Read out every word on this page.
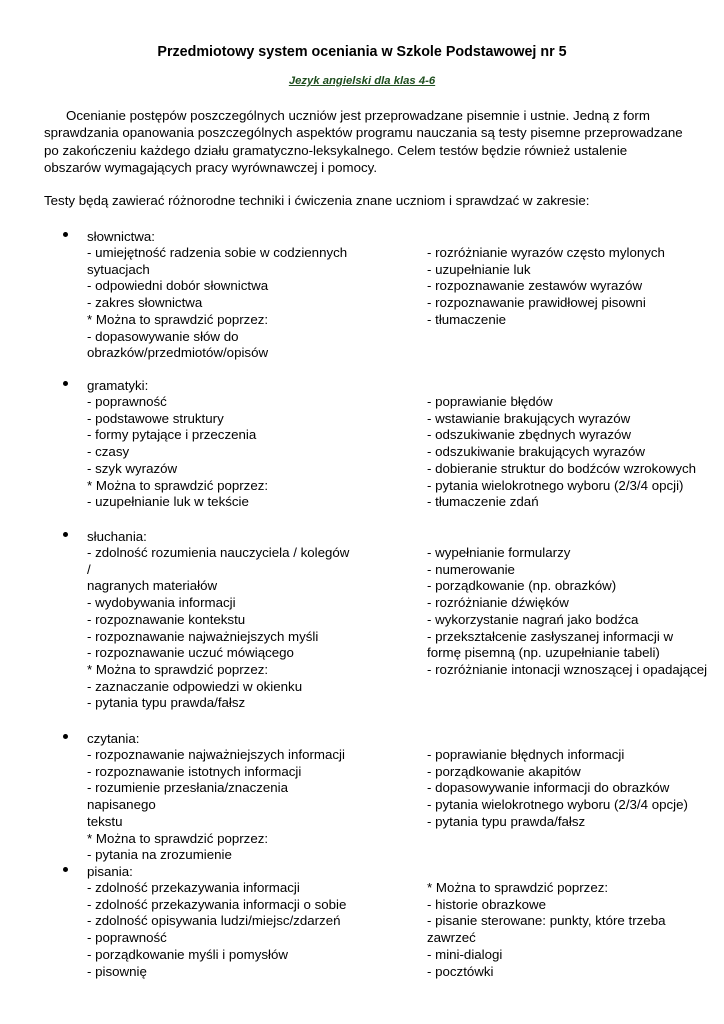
Przedmiotowy system oceniania w Szkole Podstawowej nr 5
Jezyk angielski dla klas 4-6

Ocenianie postępów poszczególnych uczniów jest przeprowadzane pisemnie i ustnie. Jedną z form sprawdzania opanowania poszczególnych aspektów programu nauczania są testy pisemne przeprowadzane po zakończeniu każdego działu gramatyczno-leksykalnego. Celem testów będzie również ustalenie obszarów wymagających pracy wyrównawczej i pomocy.

Testy będą zawierać różnorodne techniki i ćwiczenia znane uczniom i sprawdzać w zakresie:
słownictwa:
- umiejętność radzenia sobie w codziennych
sytuacjach
- odpowiedni dobór słownictwa
- zakres słownictwa
* Można to sprawdzić poprzez:
- dopasowywanie słów do
obrazków/przedmiotów/opisów
- rozróżnianie wyrazów często mylonych
- uzupełnianie luk
- rozpoznawanie zestawów wyrazów
- rozpoznawanie prawidłowej pisowni
- tłumaczenie
gramatyki:
- poprawność
- podstawowe struktury
- formy pytające i przeczenia
- czasy
- szyk wyrazów
* Można to sprawdzić poprzez:
- uzupełnianie luk w tekście
- poprawianie błędów
- wstawianie brakujących wyrazów
- odszukiwanie zbędnych wyrazów
- odszukiwanie brakujących wyrazów
- dobieranie struktur do bodźców wzrokowych
- pytania wielokrotnego wyboru (2/3/4 opcji)
- tłumaczenie zdań
słuchania:
- zdolność rozumienia nauczyciela / kolegów /
nagranych materiałów
- wydobywania informacji
- rozpoznawanie kontekstu
- rozpoznawanie najważniejszych myśli
- rozpoznawanie uczuć mówiącego
* Można to sprawdzić poprzez:
- zaznaczanie odpowiedzi w okienku
- pytania typu prawda/fałsz
- wypełnianie formularzy
- numerowanie
- porządkowanie (np. obrazków)
- rozróżnianie dźwięków
- wykorzystanie nagrań jako bodźca
- przekształcenie zasłyszanej informacji w
formę pisemną (np. uzupełnianie tabeli)
- rozróżnianie intonacji wznoszącej i opadającej
czytania:
- rozpoznawanie najważniejszych informacji
- rozpoznawanie istotnych informacji
- rozumienie przesłania/znaczenia napisanego
tekstu
* Można to sprawdzić poprzez:
- pytania na zrozumienie
- poprawianie błędnych informacji
- porządkowanie akapitów
- dopasowywanie informacji do obrazków
- pytania wielokrotnego wyboru (2/3/4 opcje)
- pytania typu prawda/fałsz
pisania:
- zdolność przekazywania informacji
- zdolność przekazywania informacji o sobie
- zdolność opisywania ludzi/miejsc/zdarzeń
- poprawność
- porządkowanie myśli i pomysłów
- pisownię
* Można to sprawdzić poprzez:
- historie obrazkowe
- pisanie sterowane: punkty, które trzeba
zawrzeć
- mini-dialogi
- pocztówki
